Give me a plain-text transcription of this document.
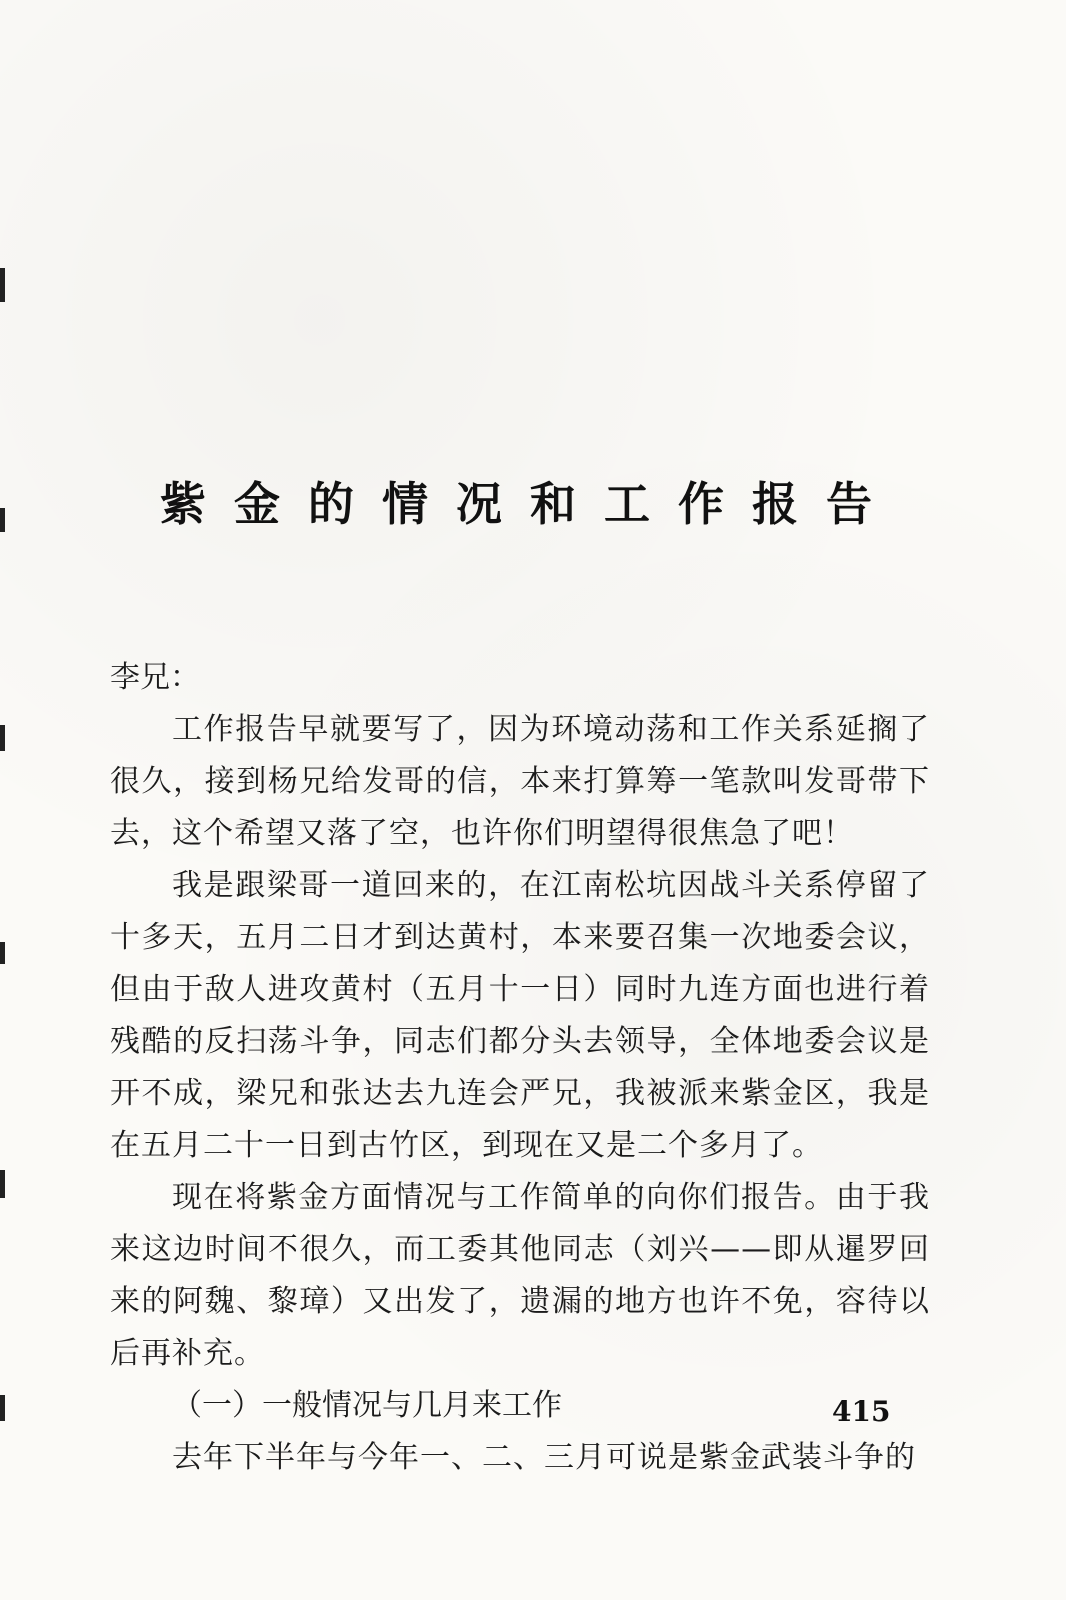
紫金的情况和工作报告

李兄：

工作报告早就要写了，因为环境动荡和工作关系延搁了很久，接到杨兄给发哥的信，本来打算筹一笔款叫发哥带下去，这个希望又落了空，也许你们明望得很焦急了吧！

我是跟梁哥一道回来的，在江南松坑因战斗关系停留了十多天，五月二日才到达黄村，本来要召集一次地委会议，但由于敌人进攻黄村（五月十一日）同时九连方面也进行着残酷的反扫荡斗争，同志们都分头去领导，全体地委会议是开不成，梁兄和张达去九连会严兄，我被派来紫金区，我是在五月二十一日到古竹区，到现在又是二个多月了。

现在将紫金方面情况与工作简单的向你们报告。由于我来这边时间不很久，而工委其他同志（刘兴——即从暹罗回来的阿魏、黎璋）又出发了，遗漏的地方也许不免，容待以后再补充。

（一）一般情况与几月来工作

去年下半年与今年一、二、三月可说是紫金武装斗争的

415
